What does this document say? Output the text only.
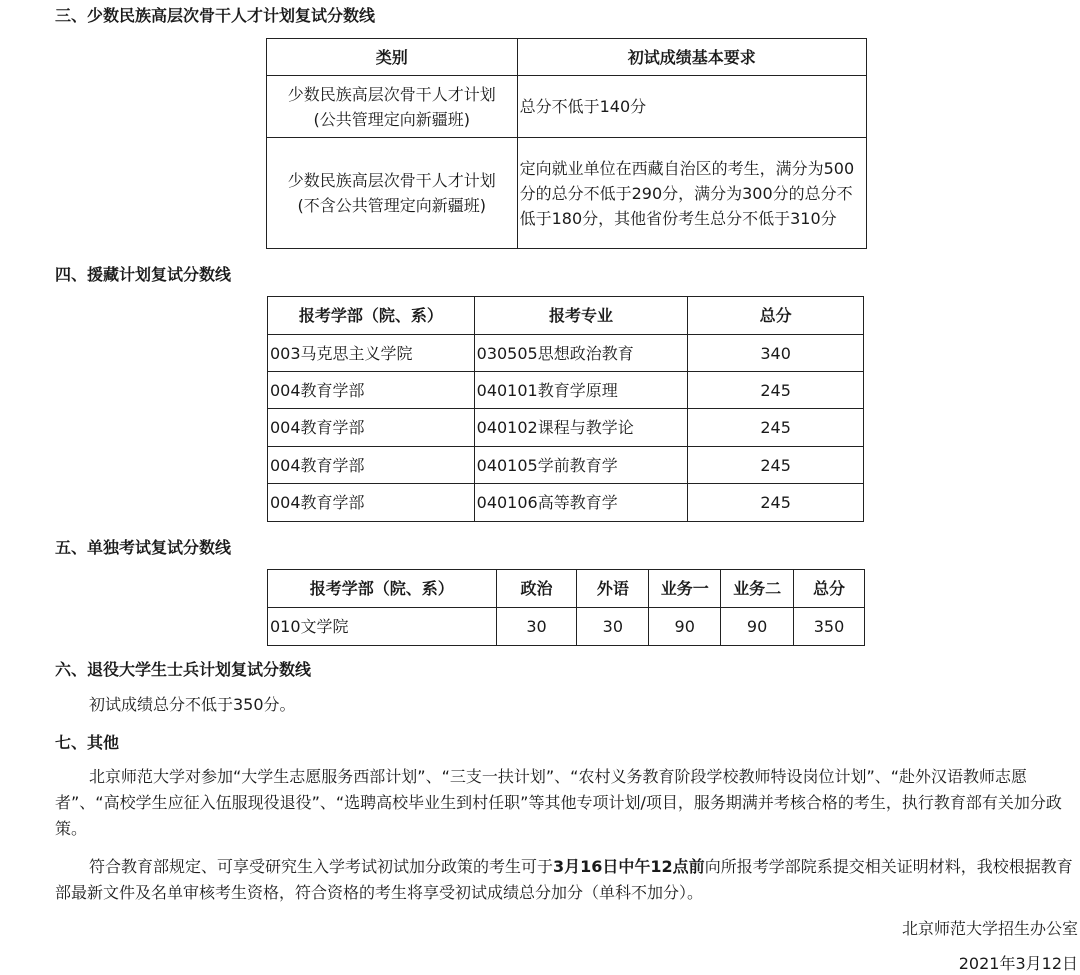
三、少数民族高层次骨干人才计划复试分数线

类别	初试成绩基本要求

少数民族高层次骨干人才计划
(公共管理定向新疆班)	总分不低于140分

少数民族高层次骨干人才计划
(不含公共管理定向新疆班)	定向就业单位在西藏自治区的考生，满分为500分的总分不低于290分，满分为300分的总分不低于180分，其他省份考生总分不低于310分

四、援藏计划复试分数线

报考学部（院、系）	报考专业	总分
003马克思主义学院	030505思想政治教育	340
004教育学部	040101教育学原理	245
004教育学部	040102课程与教学论	245
004教育学部	040105学前教育学	245
004教育学部	040106高等教育学	245

五、单独考试复试分数线

报考学部（院、系）	政治	外语	业务一	业务二	总分
010文学院	30	30	90	90	350

六、退役大学生士兵计划复试分数线

初试成绩总分不低于350分。

七、其他

北京师范大学对参加“大学生志愿服务西部计划”、“三支一扶计划”、“农村义务教育阶段学校教师特设岗位计划”、“赴外汉语教师志愿者”、“高校学生应征入伍服现役退役”、“选聘高校毕业生到村任职”等其他专项计划/项目，服务期满并考核合格的考生，执行教育部有关加分政策。

符合教育部规定、可享受研究生入学考试初试加分政策的考生可于3月16日中午12点前向所报考学部院系提交相关证明材料，我校根据教育部最新文件及名单审核考生资格，符合资格的考生将享受初试成绩总分加分（单科不加分）。

北京师范大学招生办公室

2021年3月12日
